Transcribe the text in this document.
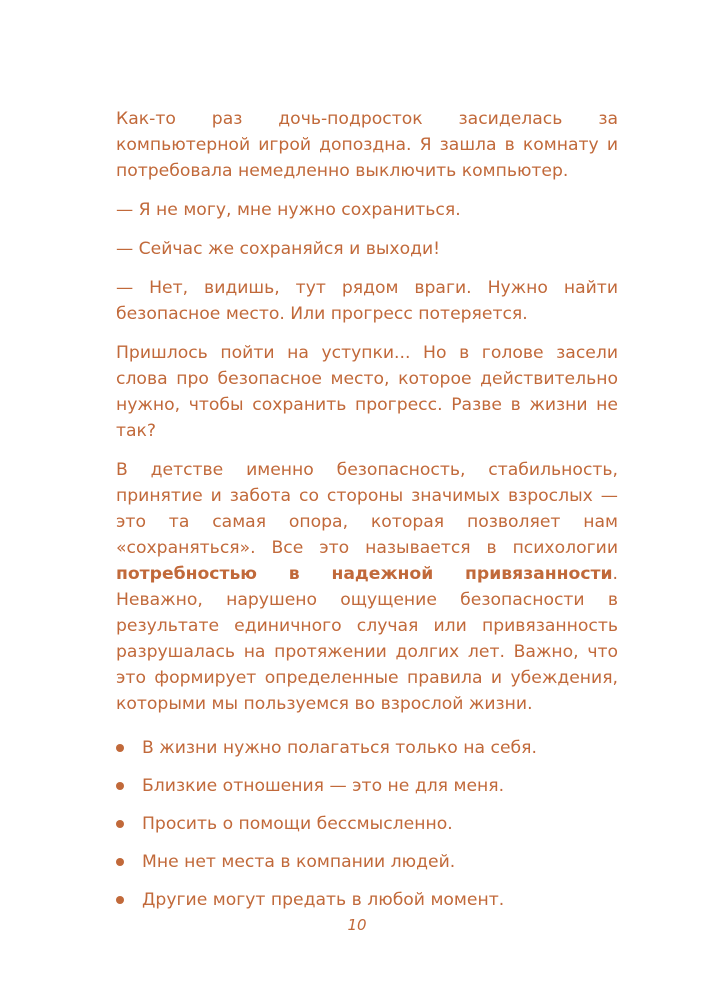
Как-то раз дочь-подросток засиделась за компьютерной игрой допоздна. Я зашла в комнату и потребовала немедленно выключить компьютер.

— Я не могу, мне нужно сохраниться.

— Сейчас же сохраняйся и выходи!

— Нет, видишь, тут рядом враги. Нужно найти безопасное место. Или прогресс потеряется.

Пришлось пойти на уступки... Но в голове засели слова про безопасное место, которое действительно нужно, чтобы сохранить прогресс. Разве в жизни не так?

В детстве именно безопасность, стабильность, принятие и забота со стороны значимых взрослых — это та самая опора, которая позволяет нам «сохраняться». Все это называется в психологии потребностью в надежной привязанности. Неважно, нарушено ощущение безопасности в результате единичного случая или привязанность разрушалась на протяжении долгих лет. Важно, что это формирует определенные правила и убеждения, которыми мы пользуемся во взрослой жизни.

В жизни нужно полагаться только на себя.
Близкие отношения — это не для меня.
Просить о помощи бессмысленно.
Мне нет места в компании людей.
Другие могут предать в любой момент.
10
